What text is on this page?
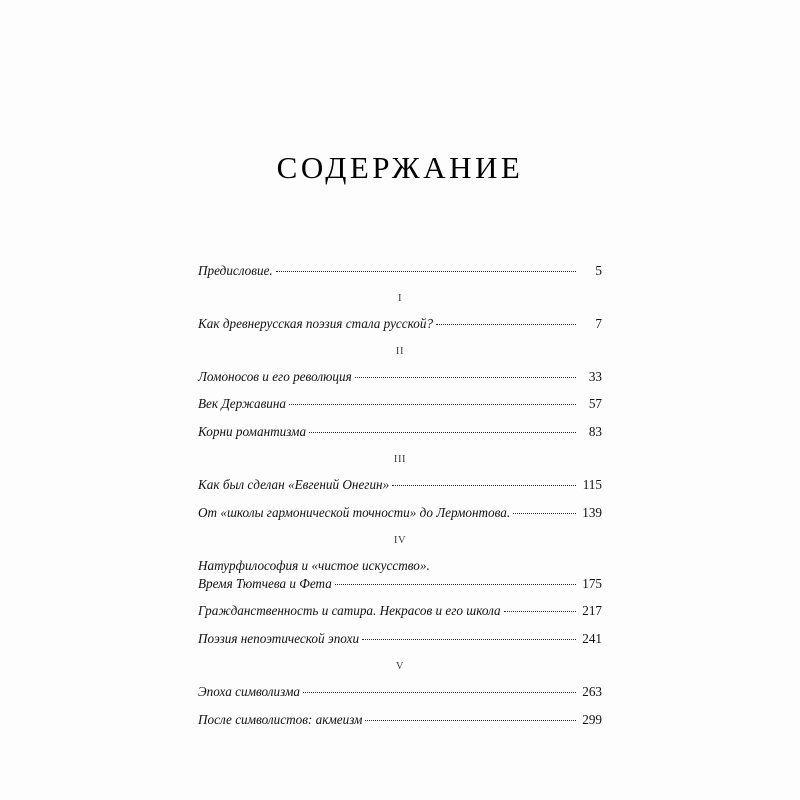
СОДЕРЖАНИЕ
Предисловие.	5
I
Как древнерусская поэзия стала русской?	7
II
Ломоносов и его революция	33
Век Державина	57
Корни романтизма	83
III
Как был сделан «Евгений Онегин»	115
От «школы гармонической точности» до Лермонтова.	139
IV
Натурфилософия и «чистое искусство».
Время Тютчева и Фета	175
Гражданственность и сатира. Некрасов и его школа	217
Поэзия непоэтической эпохи	241
V
Эпоха символизма	263
После символистов: акмеизм	299
